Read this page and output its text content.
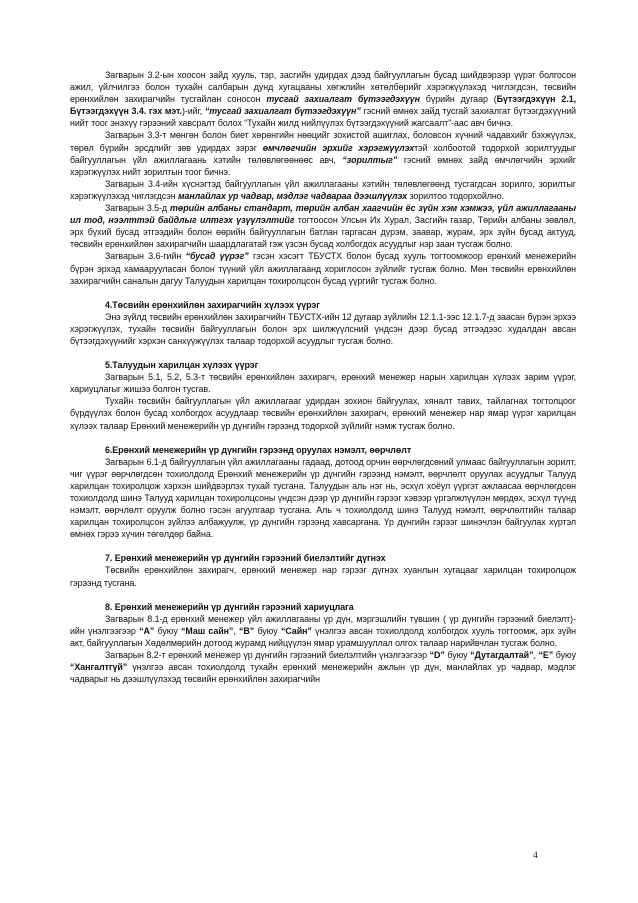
Загварын 3.2-ын хоосон зайд хууль, тэр, засгийн удирдах дээд байгууллагын бусад шийдвэрээр үүрэг болгосон ажил, үйлчилгээ болон тухайн салбарын дунд хугацааны хөгжлийн хөтөлбөрийг хэрэгжүүлэхэд чиглэгдсэн, төсвийн ерөнхийлөн захирагчийн тусгайлан соносон тусгай захиалгат бүтээгдэхүүн бүрийн дугаар (Бүтээгдэхүүн 2.1, Бүтээгдэхүүн 3.4. гэх мэт.)-ийг, “тусгай захиалгат бүтээгдэхүүн” гэсний өмнөх зайд тусгай захиалгат бүтээгдэхүүний нийт тоог энэхүү гэрээний хавсралт болох “Тухайн жилд нийлүүлэх бүтээгдэхүүний жагсаалт”-аас авч бичнэ.

Загварын 3.3-т мөнгөн болон биет хөрөнгийн нөөцийг зохистой ашиглах, боловсон хүчний чадавхийг бэхжүүлэх, төрөл бүрийн эрсдлийг зөв удирдах зэрэг өмчлөгчийн эрхийг хэрэгжүүлэхтэй холбоотой тодорхой зорилтуудыг байгууллагын үйл ажиллагаань хэтийн төлөвлөгөөнөөс авч, “зорилтыг” гэсний өмнөх зайд өмчлөгчийн эрхийг хэрэгжүүлэх нийт зорилтын тоог бичнэ.

Загварын 3.4-ийн хүснэгтэд байгууллагын үйл ажиллагааны хэтийн төлөвлөгөөнд тусгагдсан зорилго, зорилтыг хэрэгжүүлэхэд чиглэгдсэн манлайлах ур чадвар, мэдлэг чадвараа дээшлүүлэх зорилтоо тодорхойлно.

Загварын 3.5-д төрийн албаны стандарт, төрийн албан хаагчийн ёс зүйн хэм хэмжээ, үйл ажиллагааны ил тод, нээлттэй байдлыг илтгэх үзүүлэлтийг тогтоосон Улсын Их Хурал, Засгийн газар, Төрийн албаны зөвлөл, эрх бүхий бусад этгээдийн болон өөрийн байгууллагын батлан гаргасан дүрэм, заавар, журам, эрх зүйн бусад актууд, төсвийн ерөнхийлөн захирагчийн шаардлагатай гэж үзсэн бусад холбогдох асуудлыг нэр заан тусгаж болно.

Загварын 3.6-гийн “бусад үүрэг” гэсэн хэсэгт ТБУСТХ болон бусад хууль тогтоомжоор ерөнхий менежерийн бүрэн эрхэд хамаарууласан болон түүний үйл ажиллагаанд хориглосон зүйлийг тусгаж болно. Мөн төсвийн ерөнхийлөн захирагчийн саналын дагуу Талуудын харилцан тохиролцсон бусад үүргийг тусгаж болно.

4.Төсвийн ерөнхийлөн захирагчийн хүлээх үүрэг

Энэ зүйлд төсвийн ерөнхийлөн захирагчийн ТБУСТХ-ийн 12 дугаар зүйлийн 12.1.1-ээс 12.1.7-д заасан бүрэн эрхээ хэрэгжүүлэх, тухайн төсвийн байгууллагын болон эрх шилжүүлсний үндсэн дээр бусад этгээдээс худалдан авсан бүтээгдэхүүнийг хэрхэн санхүүжүүлэх талаар тодорхой асуудлыг тусгаж болно.

5.Талуудын харилцан хүлээх үүрэг

Загварын 5.1, 5.2, 5.3-т төсвийн ерөнхийлөн захирагч, ерөнхий менежер нарын харилцан хүлээх зарим үүрэг, хариуцлагыг жишээ болгон тусгав.

Тухайн төсвийн байгууллагын үйл ажиллагааг удирдан зохион байгуулах, хяналт тавих, тайлагнах тогтолцоог бүрдүүлэх болон бусад холбогдох асуудлаар төсвийн ерөнхийлөн захирагч, ерөнхий менежер нар ямар үүрэг харилцан хүлээх талаар Ерөнхий менежерийн үр дүнгийн гэрээнд тодорхой зүйлийг нэмж тусгаж болно.

6.Ерөнхий менежерийн үр дүнгийн гэрээнд оруулах нэмэлт, өөрчлөлт

Загварын 6.1-д байгууллагын үйл ажиллагааны гадаад, дотоод орчин өөрчлөгдсөний улмаас байгууллагын зорилт, чиг үүрэг өөрчлөгдсөн тохиолдолд Ерөнхий менежерийн үр дүнгийн гэрээнд нэмэлт, өөрчлөлт оруулах асуудлыг Талууд харилцан тохиролцож хэрхэн шийдвэрлэх тухай тусгана. Талуудын аль нэг нь, эсхүл хоёул үүргэт ажлаасаа өөрчлөгдсөн тохиолдолд шинэ Талууд харилцан тохиролцсоны үндсэн дээр үр дүнгийн гэрээг хэвээр үргэлжлүүлэн мөрдөх, эсхүл түүнд нэмэлт, өөрчлөлт оруулж болно гэсэн агуулгаар тусгана. Аль ч тохиолдолд шинэ Талууд нэмэлт, өөрчлөлтийн талаар харилцан тохиролцсон зүйлээ албажуулж, үр дүнгийн гэрээнд хавсаргана. Үр дүнгийн гэрээг шинэчлэн байгуулах хүртэл өмнөх гэрээ хүчин төгөлдөр байна.

7. Ерөнхий менежерийн үр дүнгийн гэрээний биелэлтийг дүгнэх

Төсвийн ерөнхийлөн захирагч, ерөнхий менежер нар гэрээг дүгнэх хуанлын хугацааг харилцан тохиролцож гэрээнд тусгана.

8. Ерөнхий менежерийн үр дүнгийн гэрээний хариуцлага

Загварын 8.1-д ерөнхий менежер үйл ажиллагааны үр дүн, мэргэшлийн түвшин ( үр дүнгийн гэрээний биелэлт)-ийн үнэлгээгээр “А” буюу “Маш сайн”, “В” буюу “Сайн” үнэлгээ авсан тохиолдолд холбогдох хууль тогтоомж, эрх зүйн акт, байгууллагын Хөдөлмөрийн дотоод журамд нийцүүлэн ямар урамшууллал олгох талаар нарийвчлан тусгаж болно.

Загварын 8.2-т ерөнхий менежер үр дүнгийн гэрээний биелэлтийн үнэлгээгээр “D” буюу “Дутагдалтай”, “Е” буюу “Хангалтгүй” үнэлгээ авсан тохиолдолд тухайн ерөнхий менежерийн ажлын үр дүн, манлайлах ур чадвар, мэдлэг чадварыг нь дээшлүүлэхэд төсвийн ерөнхийлөн захирагчийн

4
